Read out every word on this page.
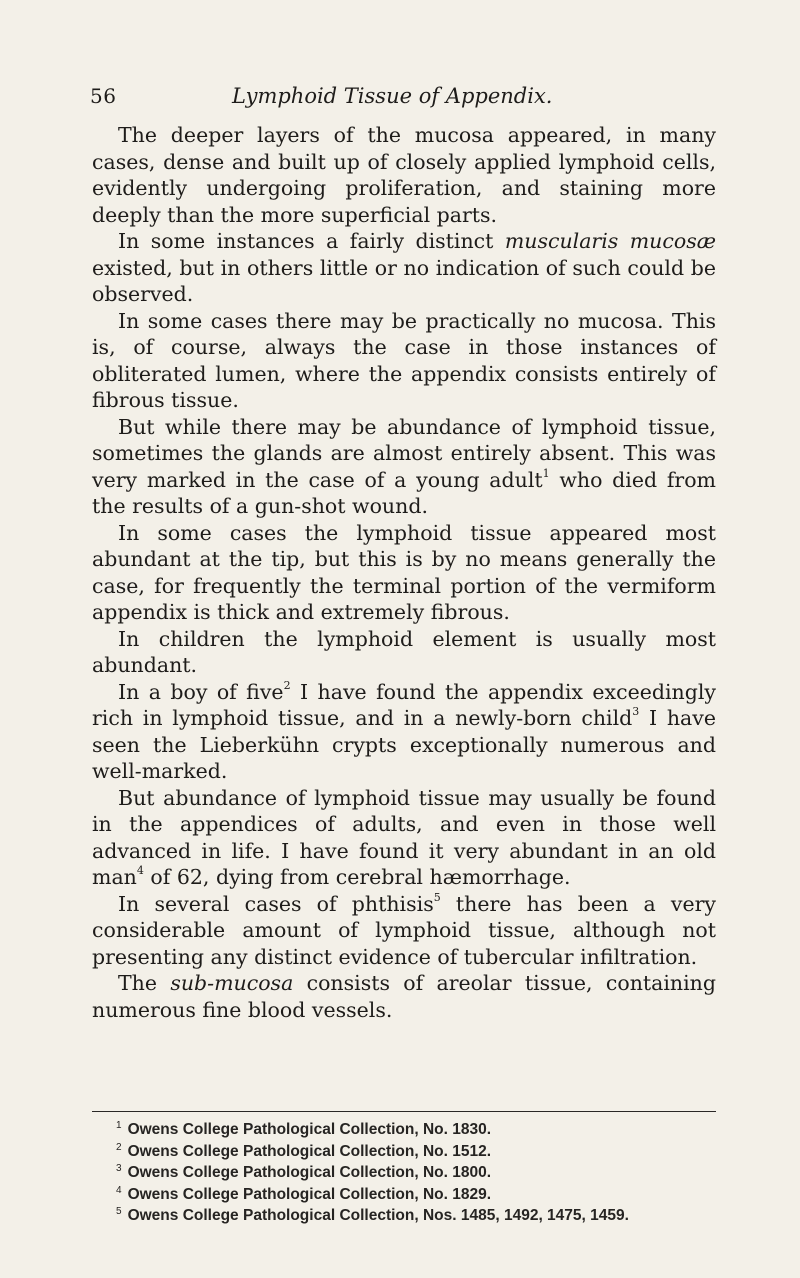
56	Lymphoid Tissue of Appendix.

The deeper layers of the mucosa appeared, in many cases, dense and built up of closely applied lymphoid cells, evidently undergoing proliferation, and staining more deeply than the more superficial parts.

In some instances a fairly distinct muscularis mucosæ existed, but in others little or no indication of such could be observed.

In some cases there may be practically no mucosa. This is, of course, always the case in those instances of obliterated lumen, where the appendix consists entirely of fibrous tissue.

But while there may be abundance of lymphoid tissue, sometimes the glands are almost entirely absent. This was very marked in the case of a young adult$^1$ who died from the results of a gun-shot wound.

In some cases the lymphoid tissue appeared most abundant at the tip, but this is by no means generally the case, for frequently the terminal portion of the vermiform appendix is thick and extremely fibrous.

In children the lymphoid element is usually most abundant.

In a boy of five$^2$ I have found the appendix exceedingly rich in lymphoid tissue, and in a newly-born child$^3$ I have seen the Lieberkühn crypts exceptionally numerous and well-marked.

But abundance of lymphoid tissue may usually be found in the appendices of adults, and even in those well advanced in life. I have found it very abundant in an old man$^4$ of 62, dying from cerebral hæmorrhage.

In several cases of phthisis$^5$ there has been a very considerable amount of lymphoid tissue, although not presenting any distinct evidence of tubercular infiltration.

The sub-mucosa consists of areolar tissue, containing numerous fine blood vessels.

$^1$ Owens College Pathological Collection, No. 1830.
$^2$ Owens College Pathological Collection, No. 1512.
$^3$ Owens College Pathological Collection, No. 1800.
$^4$ Owens College Pathological Collection, No. 1829.
$^5$ Owens College Pathological Collection, Nos. 1485, 1492, 1475, 1459.
